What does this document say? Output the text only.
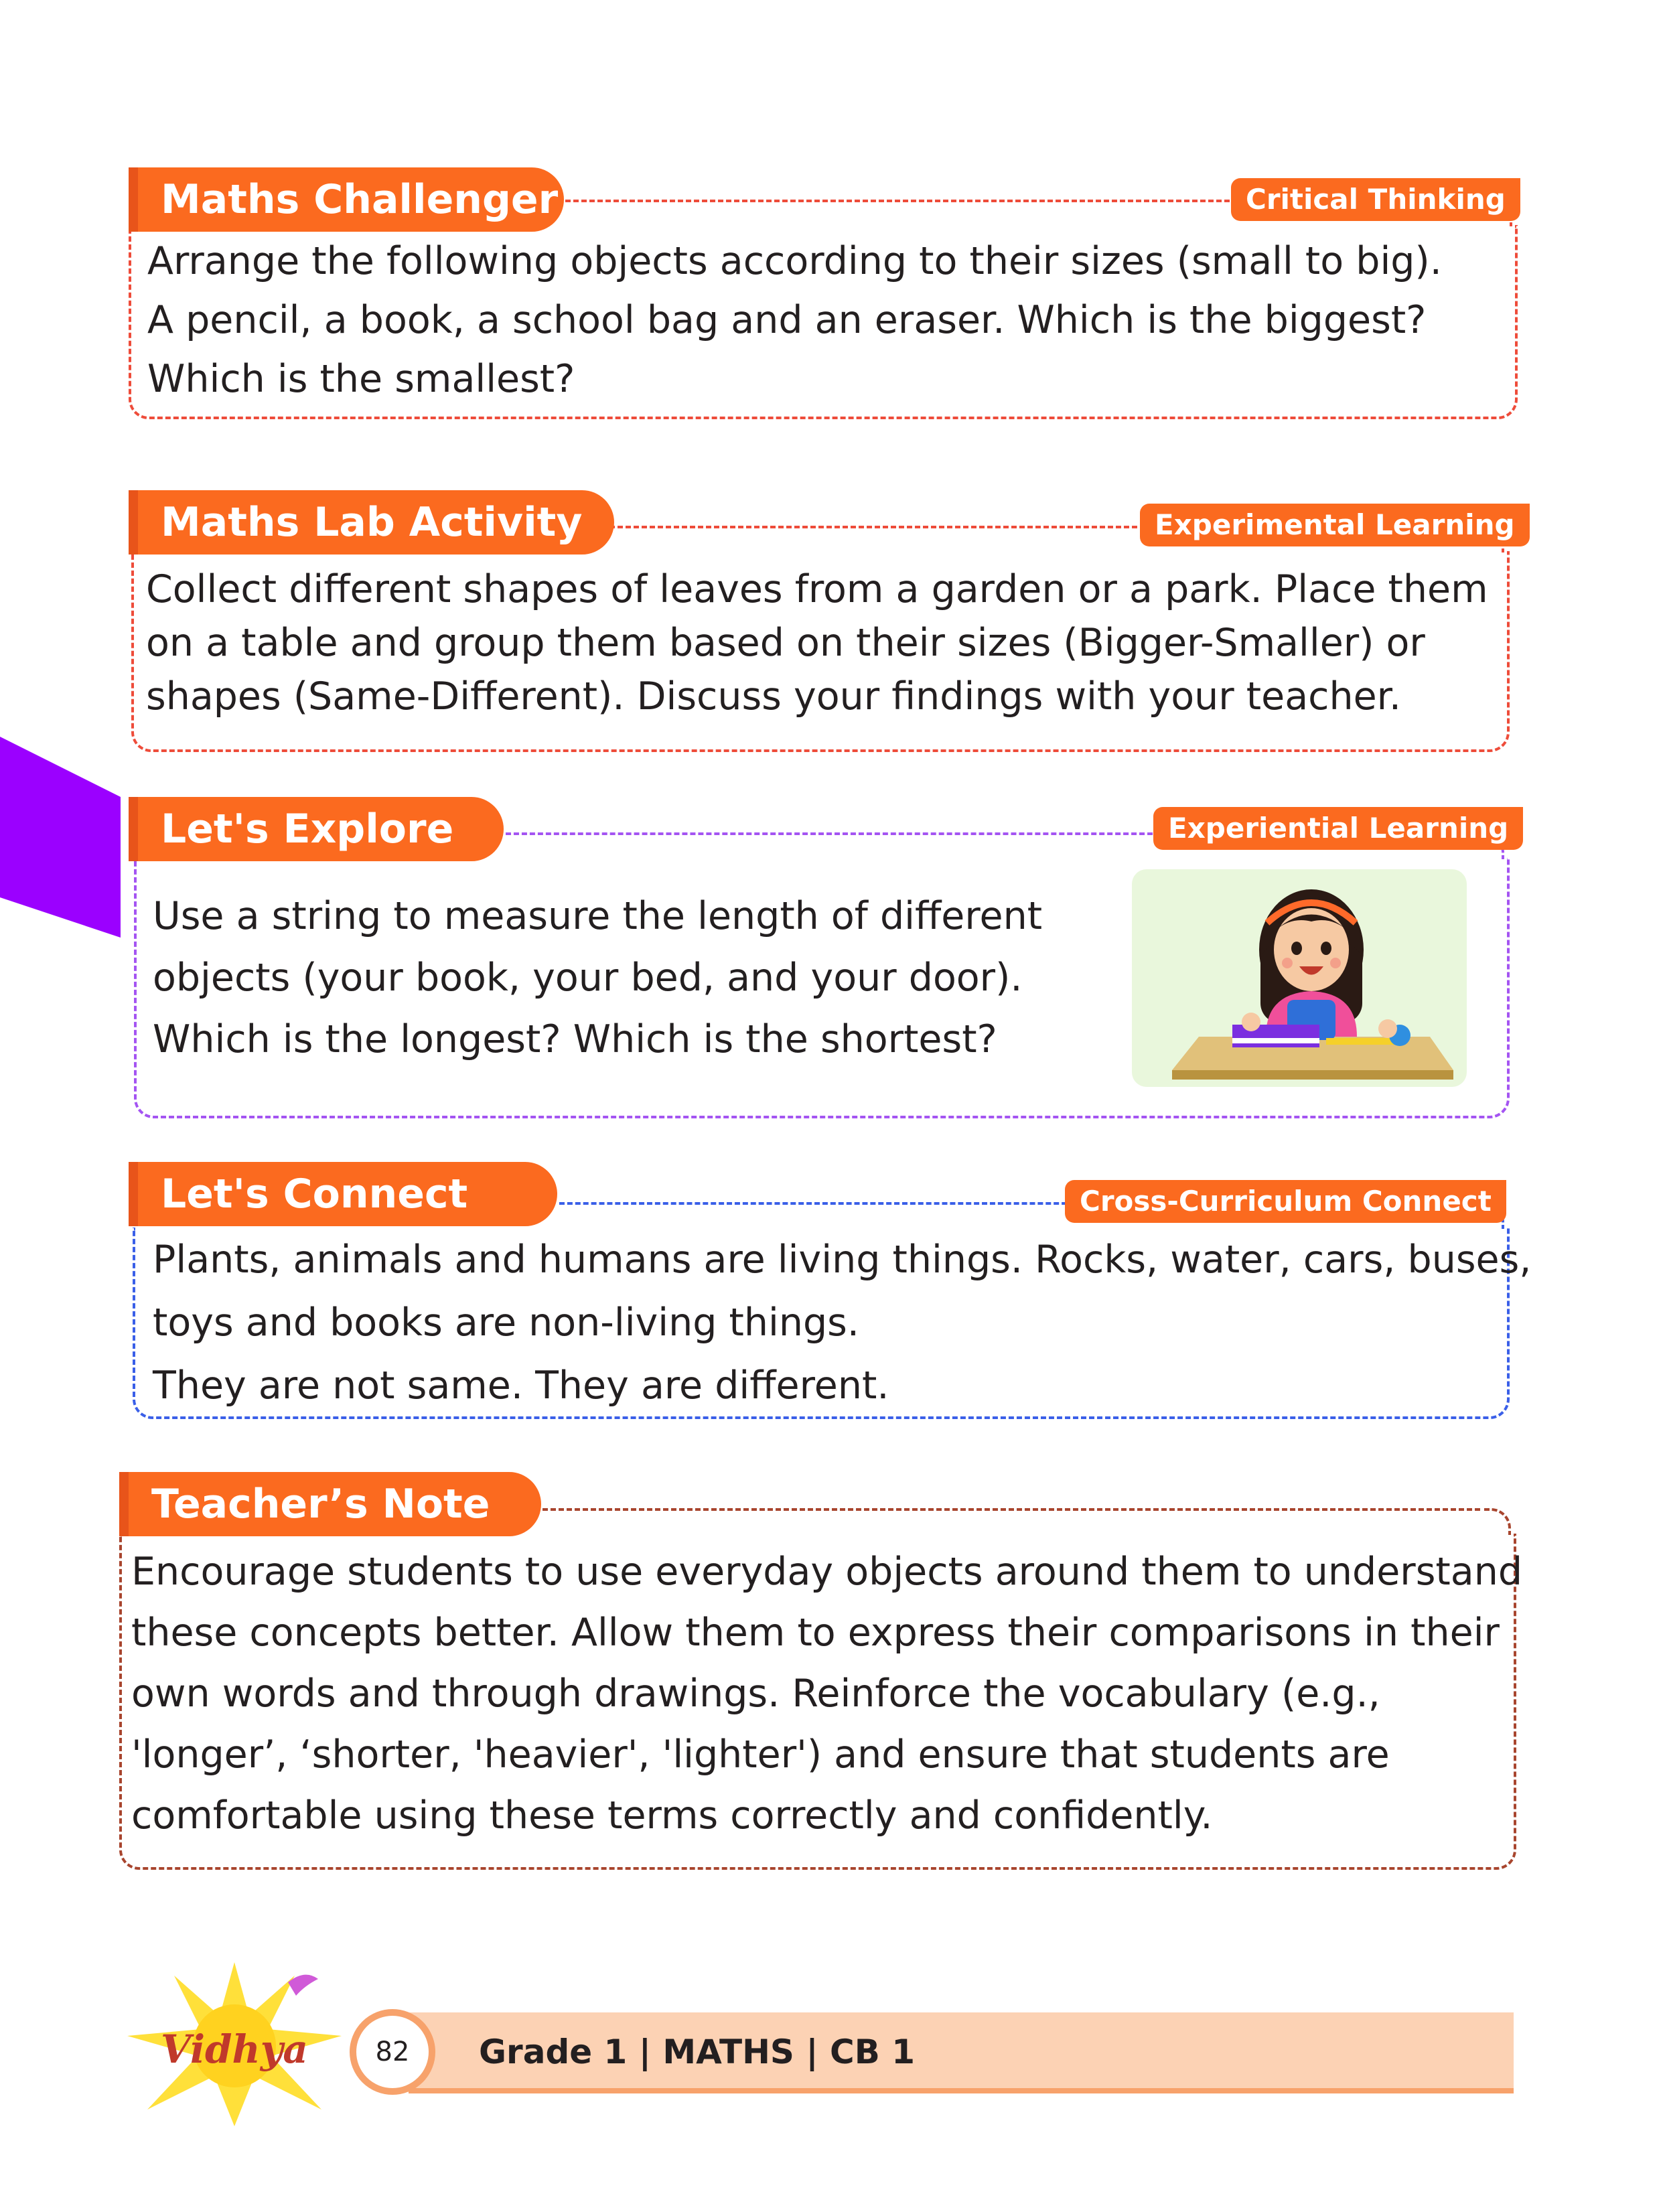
Maths Challenger	Critical Thinking
Arrange the following objects according to their sizes (small to big).
A pencil, a book, a school bag and an eraser. Which is the biggest?
Which is the smallest?
Maths Lab Activity	Experimental Learning
Collect different shapes of leaves from a garden or a park. Place them
on a table and group them based on their sizes (Bigger-Smaller) or
shapes (Same-Different). Discuss your findings with your teacher.
Let's Explore	Experiential Learning
Use a string to measure the length of different
objects (your book, your bed, and your door).
Which is the longest? Which is the shortest?
Let's Connect	Cross-Curriculum Connect
Plants, animals and humans are living things. Rocks, water, cars, buses,
toys and books are non-living things.
They are not same. They are different.
Teacher’s Note
Encourage students to use everyday objects around them to understand
these concepts better. Allow them to express their comparisons in their
own words and through drawings. Reinforce the vocabulary (e.g.,
'longer’, ‘shorter, 'heavier', 'lighter') and ensure that students are
comfortable using these terms correctly and confidently.
Vidhya	82	Grade 1 | MATHS | CB 1
